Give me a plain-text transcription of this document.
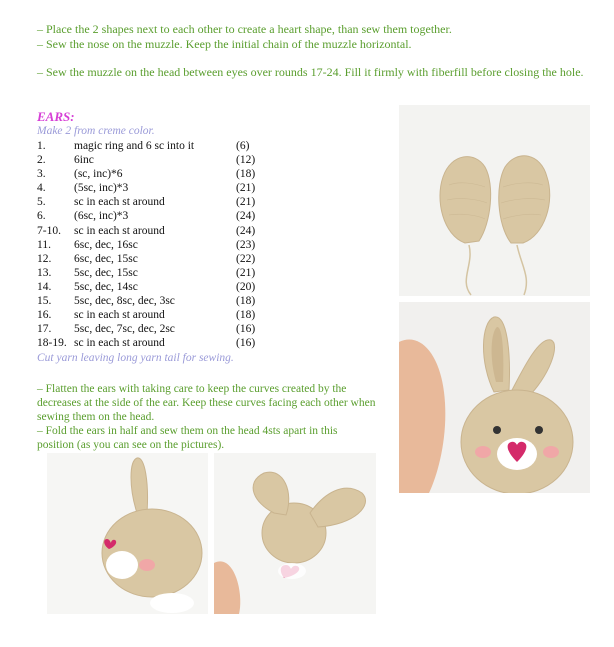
– Place the 2 shapes next to each other to create a heart shape, than sew them together.

– Sew the nose on the muzzle. Keep the initial chain of the muzzle horizontal.

– Sew the muzzle on the head between eyes over rounds 17-24. Fill it firmly with fiberfill before closing the hole.

EARS:
Make 2 from creme color.
1. magic ring and 6 sc into it	(6)
2. 6inc	(12)
3. (sc, inc)*6	(18)
4. (5sc, inc)*3	(21)
5. sc in each st around	(21)
6. (6sc, inc)*3	(24)
7-10. sc in each st around	(24)
11. 6sc, dec, 16sc	(23)
12. 6sc, dec, 15sc	(22)
13. 5sc, dec, 15sc	(21)
14. 5sc, dec, 14sc	(20)
15. 5sc, dec, 8sc, dec, 3sc	(18)
16. sc in each st around	(18)
17. 5sc, dec, 7sc, dec, 2sc	(16)
18-19. sc in each st around	(16)
Cut yarn leaving long yarn tail for sewing.

– Flatten the ears with taking care to keep the curves created by the decreases at the side of the ear. Keep these curves facing each other when sewing them on the head.

– Fold the ears in half and sew them on the head 4sts apart in this position (as you can see on the pictures).
